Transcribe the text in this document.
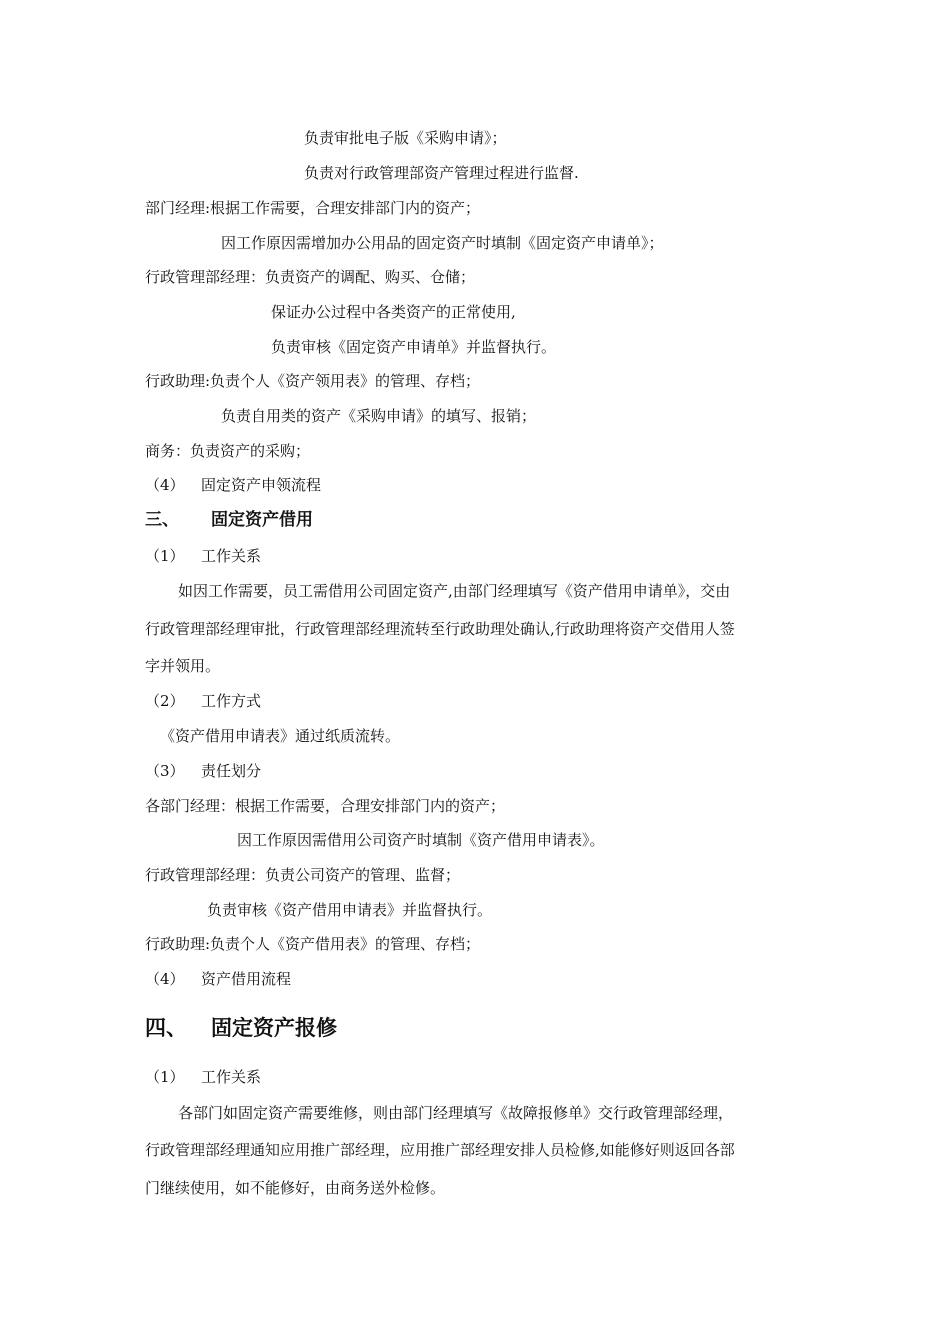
负责审批电子版《采购申请》；
负责对行政管理部资产管理过程进行监督.
部门经理:根据工作需要，合理安排部门内的资产；
因工作原因需增加办公用品的固定资产时填制《固定资产申请单》；
行政管理部经理：负责资产的调配、购买、仓储；
保证办公过程中各类资产的正常使用,
负责审核《固定资产申请单》并监督执行。
行政助理:负责个人《资产领用表》的管理、存档；
负责自用类的资产《采购申请》的填写、报销；
商务：负责资产的采购；
（4） 固定资产申领流程
三、 固定资产借用
（1） 工作关系
如因工作需要，员工需借用公司固定资产,由部门经理填写《资产借用申请单》，交由
行政管理部经理审批，行政管理部经理流转至行政助理处确认,行政助理将资产交借用人签
字并领用。
（2） 工作方式
《资产借用申请表》通过纸质流转。
（3） 责任划分
各部门经理：根据工作需要，合理安排部门内的资产；
因工作原因需借用公司资产时填制《资产借用申请表》。
行政管理部经理：负责公司资产的管理、监督；
负责审核《资产借用申请表》并监督执行。
行政助理:负责个人《资产借用表》的管理、存档；
（4） 资产借用流程
四、 固定资产报修
（1） 工作关系
各部门如固定资产需要维修，则由部门经理填写《故障报修单》交行政管理部经理，
行政管理部经理通知应用推广部经理，应用推广部经理安排人员检修,如能修好则返回各部
门继续使用，如不能修好，由商务送外检修。
